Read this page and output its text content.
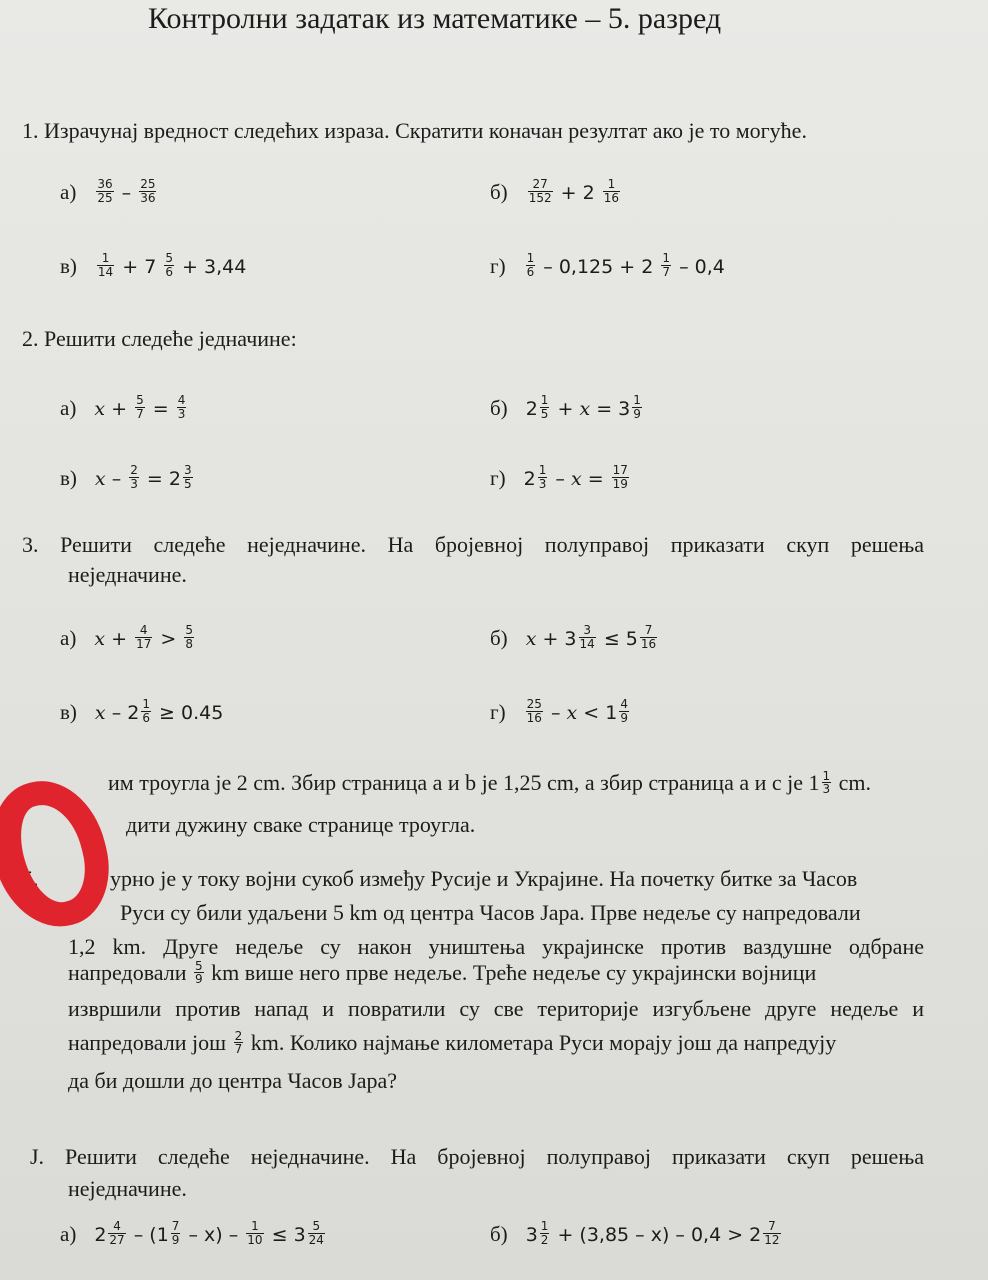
Контролни задатак из математике – 5. разред
1. Израчунај вредност следећих израза. Скратити коначан резултат ако је то могуће.
$а) \frac{36}{25} - \frac{25}{36}$	$б) \frac{27}{152} + 2 \frac{1}{16}$
$в) \frac{1}{14} + 7 \frac{5}{6} + 3,44$	$г) \frac{1}{6} - 0,125 + 2 \frac{1}{7} - 0,4$
2. Решити следеће једначине:
а) $x + \frac{5}{7} = \frac{4}{3}$	б) $2 \frac{1}{5} + x = 3 \frac{1}{9}$
в) $x - \frac{2}{3} = 2 \frac{3}{5}$	г) $2 \frac{1}{3} - x = \frac{17}{19}$
3. Решити следеће неједначине. На бројевној полуправој приказати скуп решења
неједначине.
а) $x + \frac{4}{17} > \frac{5}{8}$	б) $x + 3 \frac{3}{14} \le 5 \frac{7}{16}$
в) $x - 2 \frac{1}{6} \ge 0.45$	$г) \frac{25}{16} - x < 1 \frac{4}{9}$
им троугла је 2 cm. Збир страница a и b је 1,25 cm, а збир страница a и c је $1 \frac{1}{3}$ cm.
дити дужину сваке странице троугла.
5.	урно је у току војни сукоб између Русије и Украјине. На почетку битке за Часов
Руси су били удаљени 5 km од центра Часов Јара. Прве недеље су напредовали
1,2 km. Друге недеље су након уништења украјинске против ваздушне одбране
напредовали $\frac{5}{9}$ km више него прве недеље. Треће недеље су украјински војници
извршили против напад и повратили су све територије изгубљене друге недеље и
напредовали још $\frac{2}{7}$ km. Колико најмање километара Руси морају још да напредују
да би дошли до центра Часов Јара?
Ј. Решити следеће неједначине. На бројевној полуправој приказати скуп решења
неједначине.
а) $2 \frac{4}{27} - (1 \frac{7}{9} - x) - \frac{1}{10} \le 3 \frac{5}{24}$	б) $3 \frac{1}{2} + (3,85 - x) - 0,4 > 2 \frac{7}{12}$
